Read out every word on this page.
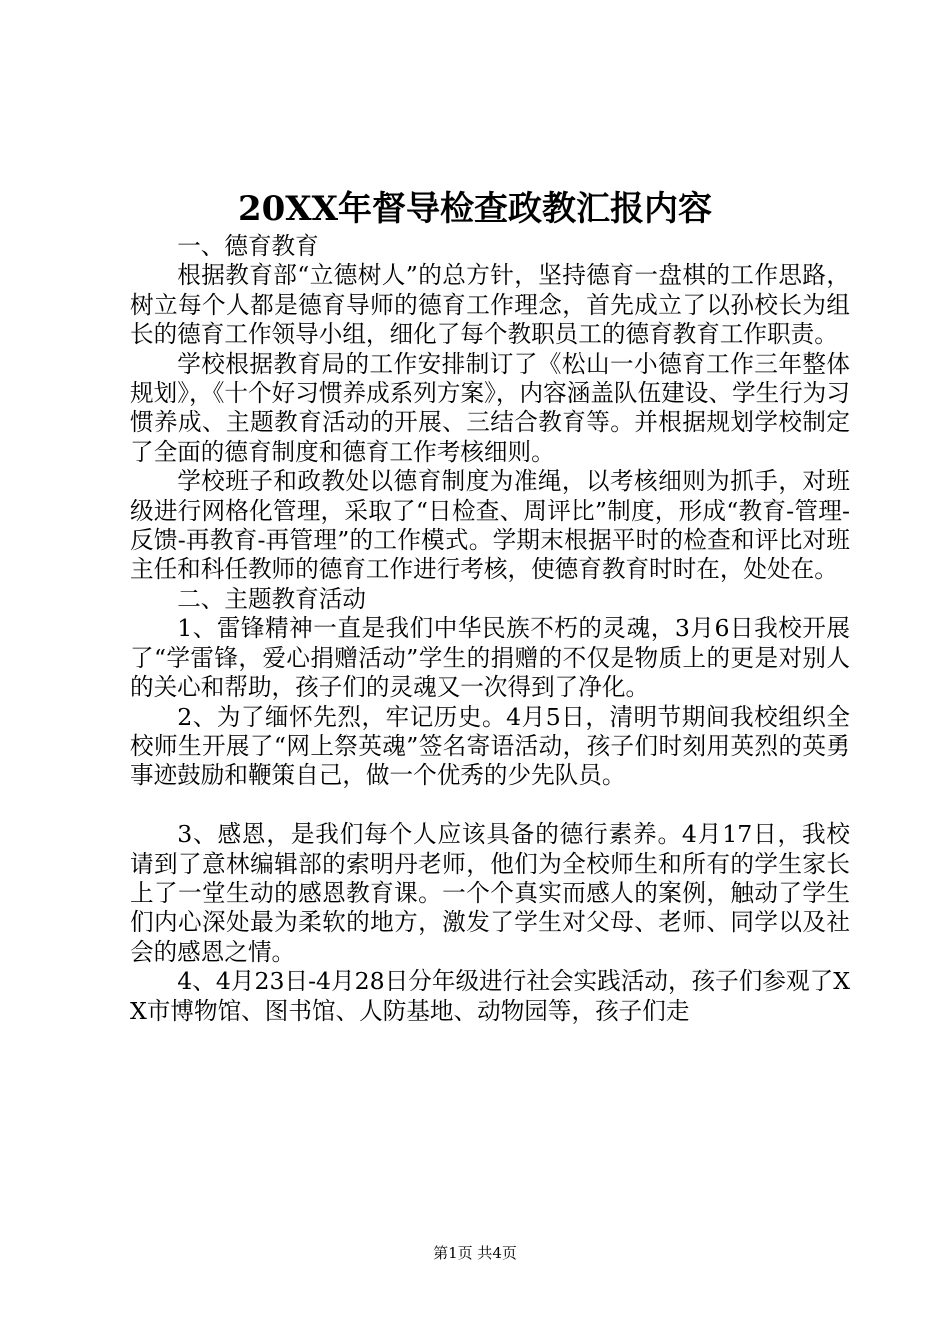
20XX年督导检查政教汇报内容

一、德育教育

根据教育部“立德树人”的总方针，坚持德育一盘棋的工作思路，树立每个人都是德育导师的德育工作理念，首先成立了以孙校长为组长的德育工作领导小组，细化了每个教职员工的德育教育工作职责。

学校根据教育局的工作安排制订了《松山一小德育工作三年整体规划》，《十个好习惯养成系列方案》，内容涵盖队伍建设、学生行为习惯养成、主题教育活动的开展、三结合教育等。并根据规划学校制定了全面的德育制度和德育工作考核细则。

学校班子和政教处以德育制度为准绳，以考核细则为抓手，对班级进行网格化管理，采取了“日检查、周评比”制度，形成“教育-管理-反馈-再教育-再管理”的工作模式。学期末根据平时的检查和评比对班主任和科任教师的德育工作进行考核，使德育教育时时在，处处在。

二、主题教育活动

1、雷锋精神一直是我们中华民族不朽的灵魂，3月6日我校开展了“学雷锋，爱心捐赠活动”学生的捐赠的不仅是物质上的更是对别人的关心和帮助，孩子们的灵魂又一次得到了净化。

2、为了缅怀先烈，牢记历史。4月5日，清明节期间我校组织全校师生开展了“网上祭英魂”签名寄语活动，孩子们时刻用英烈的英勇事迹鼓励和鞭策自己，做一个优秀的少先队员。

3、感恩，是我们每个人应该具备的德行素养。4月17日，我校请到了意林编辑部的索明丹老师，他们为全校师生和所有的学生家长上了一堂生动的感恩教育课。一个个真实而感人的案例，触动了学生们内心深处最为柔软的地方，激发了学生对父母、老师、同学以及社会的感恩之情。

4、4月23日-4月28日分年级进行社会实践活动，孩子们参观了XX市博物馆、图书馆、人防基地、动物园等，孩子们走

第1页 共4页
